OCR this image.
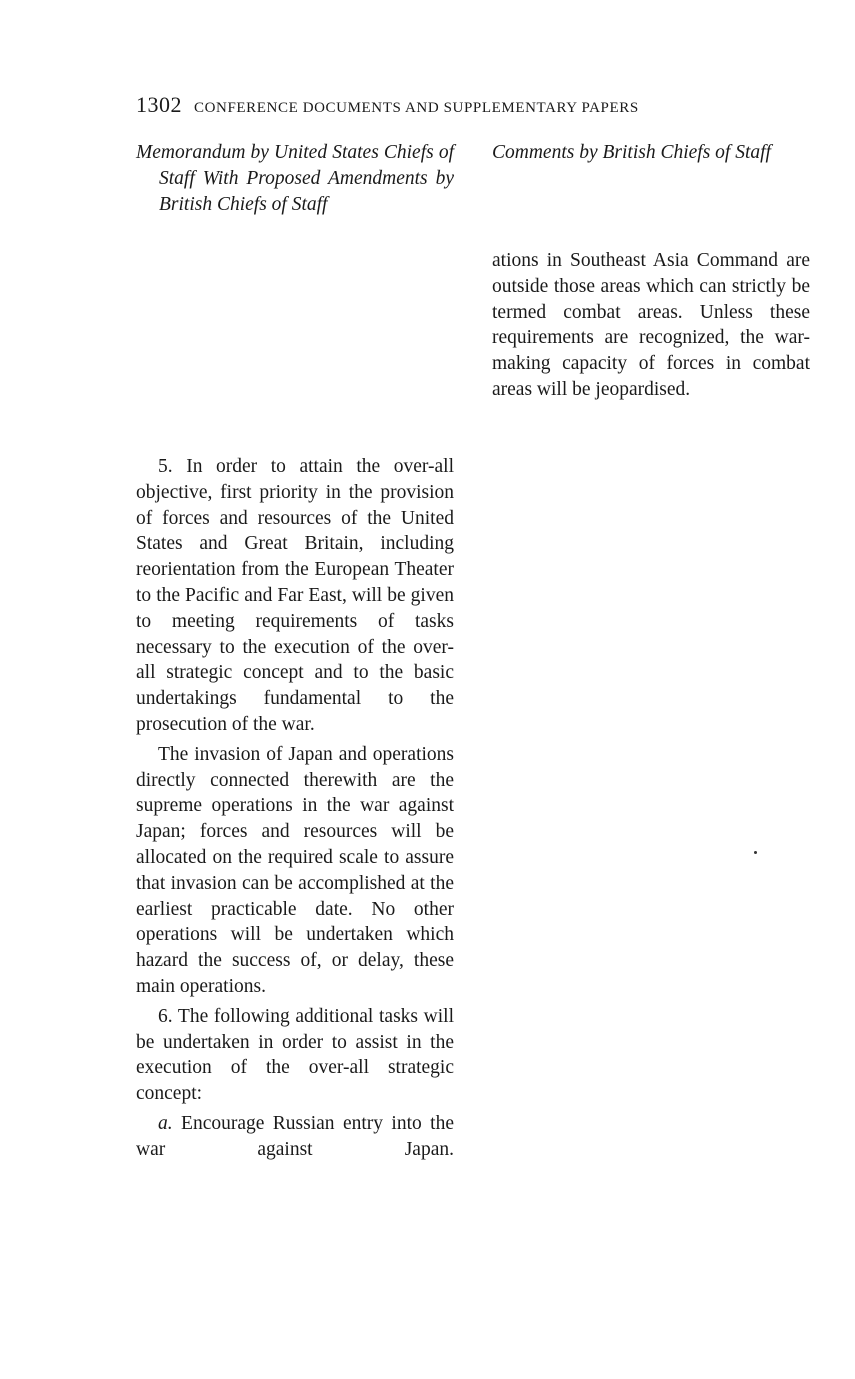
1302 CONFERENCE DOCUMENTS AND SUPPLEMENTARY PAPERS

Memorandum by United States Chiefs of Staff With Proposed Amendments by British Chiefs of Staff

Comments by British Chiefs of Staff

ations in Southeast Asia Command are outside those areas which can strictly be termed combat areas. Unless these requirements are recognized, the war-making capacity of forces in combat areas will be jeopardised.

5. In order to attain the over-all objective, first priority in the provision of forces and resources of the United States and Great Britain, including reorientation from the European Theater to the Pacific and Far East, will be given to meeting requirements of tasks necessary to the execution of the over-all strategic concept and to the basic undertakings fundamental to the prosecution of the war.

The invasion of Japan and operations directly connected therewith are the supreme operations in the war against Japan; forces and resources will be allocated on the required scale to assure that invasion can be accomplished at the earliest practicable date. No other operations will be undertaken which hazard the success of, or delay, these main operations.

6. The following additional tasks will be undertaken in order to assist in the execution of the over-all strategic concept:

a. Encourage Russian entry into the war against Japan.
